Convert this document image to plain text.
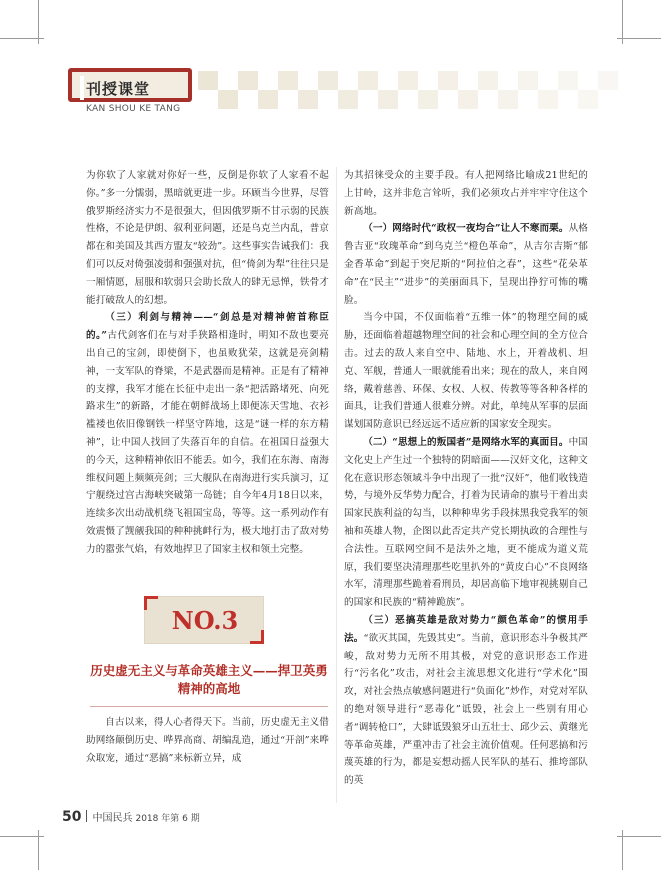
刊授课堂
KAN SHOU KE TANG

为你软了人家就对你好一些，反倒是你软了人家看不起你。”多一分懦弱，黑暗就更进一步。环顾当今世界，尽管俄罗斯经济实力不是很强大，但因俄罗斯不甘示弱的民族性格，不论是伊朗、叙利亚问题，还是乌克兰内乱，普京都在和美国及其西方盟友“较劲”。这些事实告诫我们：我们可以反对倚强凌弱和强强对抗，但“倚剑为犁”往往只是一厢情愿，屈服和软弱只会助长敌人的肆无忌惮，铁骨才能打破敌人的幻想。

（三）利剑与精神——“剑总是对精神俯首称臣的。”古代剑客们在与对手狭路相逢时，明知不敌也要亮出自己的宝剑，即使倒下，也虽败犹荣，这就是亮剑精神，一支军队的脊梁，不是武器而是精神。正是有了精神的支撑，我军才能在长征中走出一条“把活路堵死、向死路求生”的新路，才能在朝鲜战场上即便冻天雪地、衣衫褴褛也依旧像钢铁一样坚守阵地，这是“谜一样的东方精神”，让中国人找回了失落百年的自信。在祖国日益强大的今天，这种精神依旧不能丢。如今，我们在东海、南海维权问题上频频亮剑；三大舰队在南海进行实兵演习，辽宁舰绕过宫古海峡突破第一岛链；自今年4月18日以来，连续多次出动战机绕飞祖国宝岛，等等。这一系列动作有效震慑了觊觎我国的种种挑衅行为，极大地打击了敌对势力的嚣张气焰，有效地捍卫了国家主权和领土完整。

NO.3
历史虚无主义与革命英雄主义——捍卫英勇精神的高地

自古以来，得人心者得天下。当前，历史虚无主义借助网络颠倒历史、哗界高商、胡编乱造，通过“开剖”来哗众取宠，通过“恶搞”来标新立异，成

为其招徕受众的主要手段。有人把网络比喻成21世纪的上甘岭，这并非危言耸听，我们必须攻占并牢牢守住这个新高地。

（一）网络时代“政权一夜均合”让人不寒而栗。从格鲁吉亚“玫瑰革命”到乌克兰“橙色革命”，从吉尔吉斯“郁金香革命”到起于突尼斯的“阿拉伯之春”，这些“花朵革命”在“民主”“进步”的美丽面具下，呈现出挣狞可怖的嘴脸。

当今中国，不仅面临着“五维一体”的物理空间的威胁，还面临着超越物理空间的社会和心理空间的全方位合击。过去的敌人来自空中、陆地、水上，开着战机、坦克、军舰，普通人一眼就能看出来；现在的敌人，来自网络，戴着慈善、环保、女权、人权、传教等等各种各样的面具，让我们普通人很难分辨。对此，单纯从军事的层面谋划国防意识已经远远不适应新的国家安全现实。

（二）“思想上的叛国者”是网络水军的真面目。中国文化史上产生过一个独特的阴暗面——汉奸文化，这种文化在意识形态领域斗争中出现了一批“汉奸”，他们收钱造势，与境外反华势力配合，打着为民请命的旗号干着出卖国家民族利益的勾当，以种种卑劣手段抹黑我党我军的领袖和英雄人物，企图以此否定共产党长期执政的合理性与合法性。互联网空间不是法外之地，更不能成为道义荒原，我们要坚决清理那些吃里扒外的“黄皮白心”不良网络水军，清理那些跪着看刑员，却居高临下地审视挑剔自己的国家和民族的“精神跪族”。

（三）恶搞英雄是敌对势力“颜色革命”的惯用手法。“欲灭其国，先毁其史”。当前，意识形态斗争极其严峻，敌对势力无所不用其极，对党的意识形态工作进行“污名化”攻击，对社会主流思想文化进行“学术化”围攻，对社会热点敏感问题进行“负面化”炒作，对党对军队的绝对领导进行“恶毒化”诋毁，社会上一些别有用心者“调转枪口”，大肆诋毁狼牙山五壮士、邱少云、黄继光等革命英雄，严重冲击了社会主流价值观。任何恶搞和污蔑英雄的行为，都是妄想动摇人民军队的基石、推垮部队的英

50 中国民兵 2018 年第 6 期
